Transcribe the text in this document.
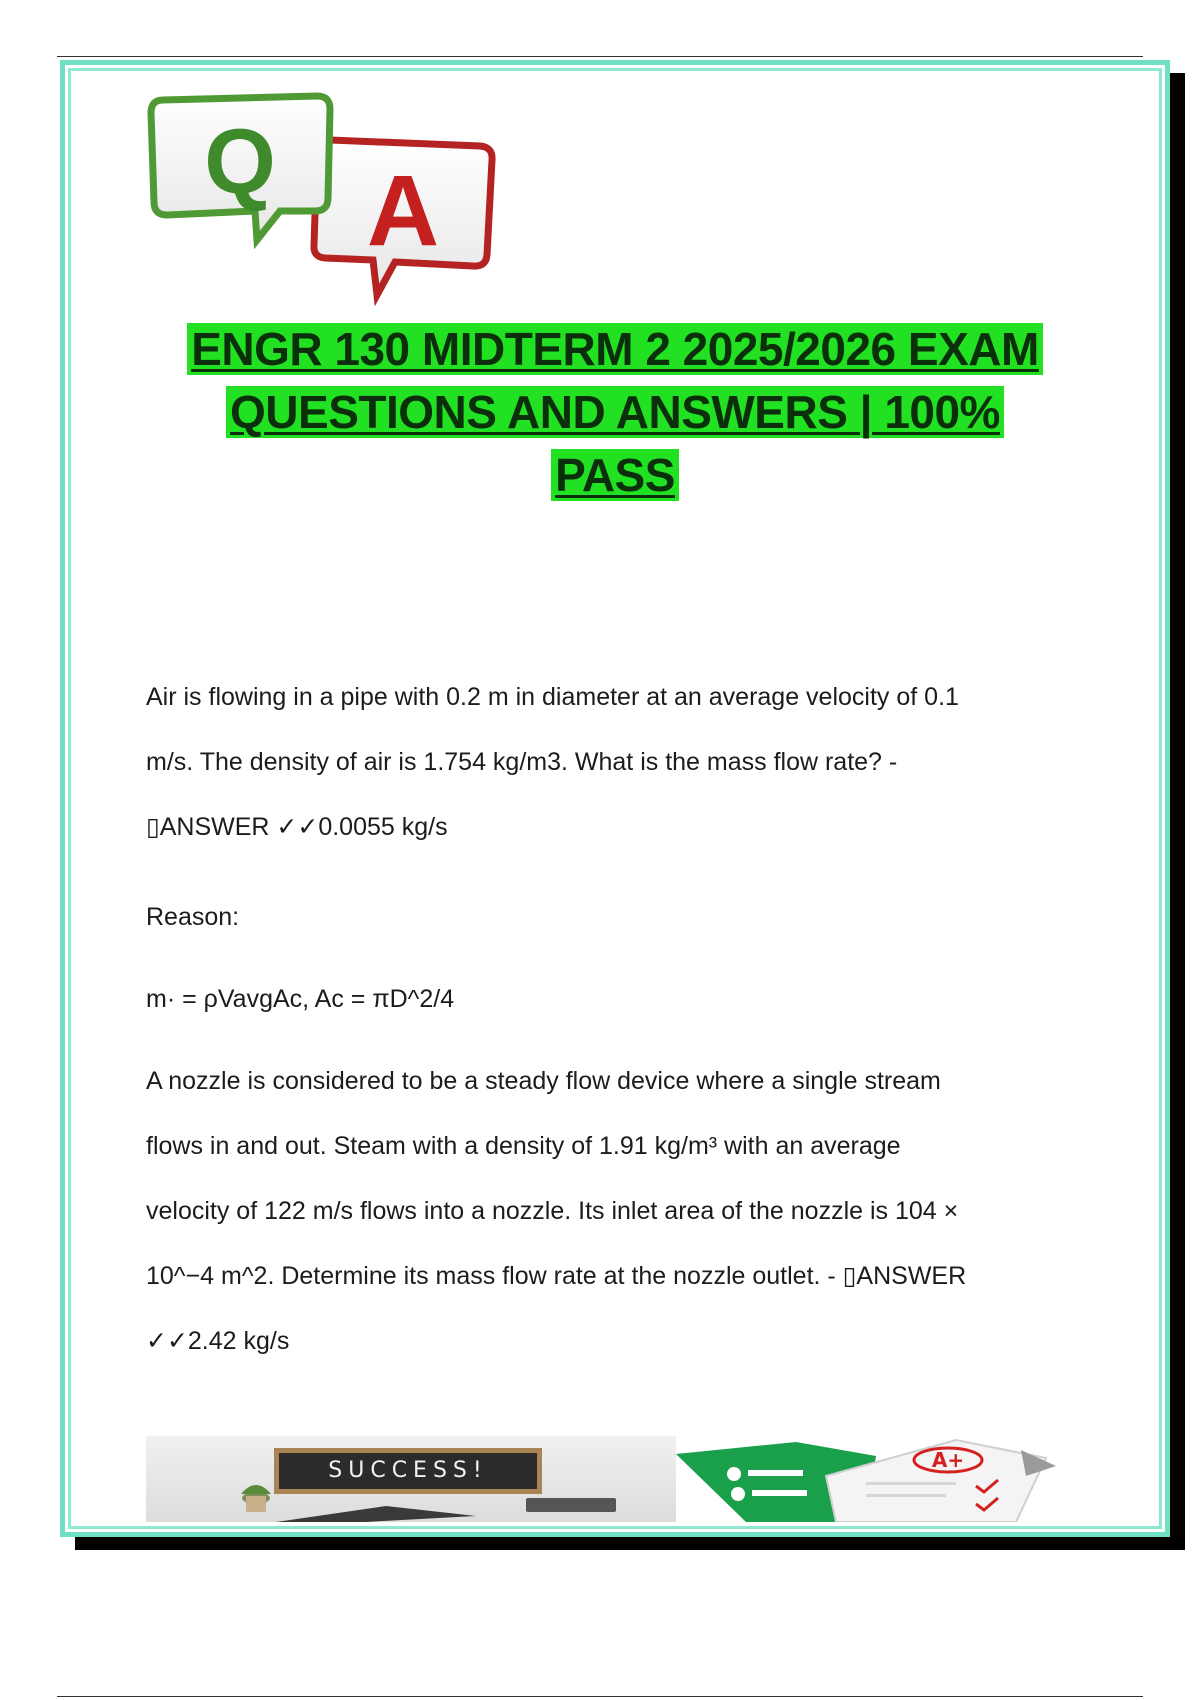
A
Q
ENGR 130 MIDTERM 2 2025/2026 EXAM
QUESTIONS AND ANSWERS | 100%
PASS
Air is flowing in a pipe with 0.2 m in diameter at an average velocity of 0.1
m/s. The density of air is 1.754 kg/m3. What is the mass flow rate? -
▯ANSWER ✓✓0.0055 kg/s
Reason:
m· = ρVavgAc, Ac = πD^2/4
A nozzle is considered to be a steady flow device where a single stream
flows in and out. Steam with a density of 1.91 kg/m³ with an average
velocity of 122 m/s flows into a nozzle. Its inlet area of the nozzle is 104 ×
10^−4 m^2. Determine its mass flow rate at the nozzle outlet. - ▯ANSWER
✓✓2.42 kg/s
SUCCESS!	A+
